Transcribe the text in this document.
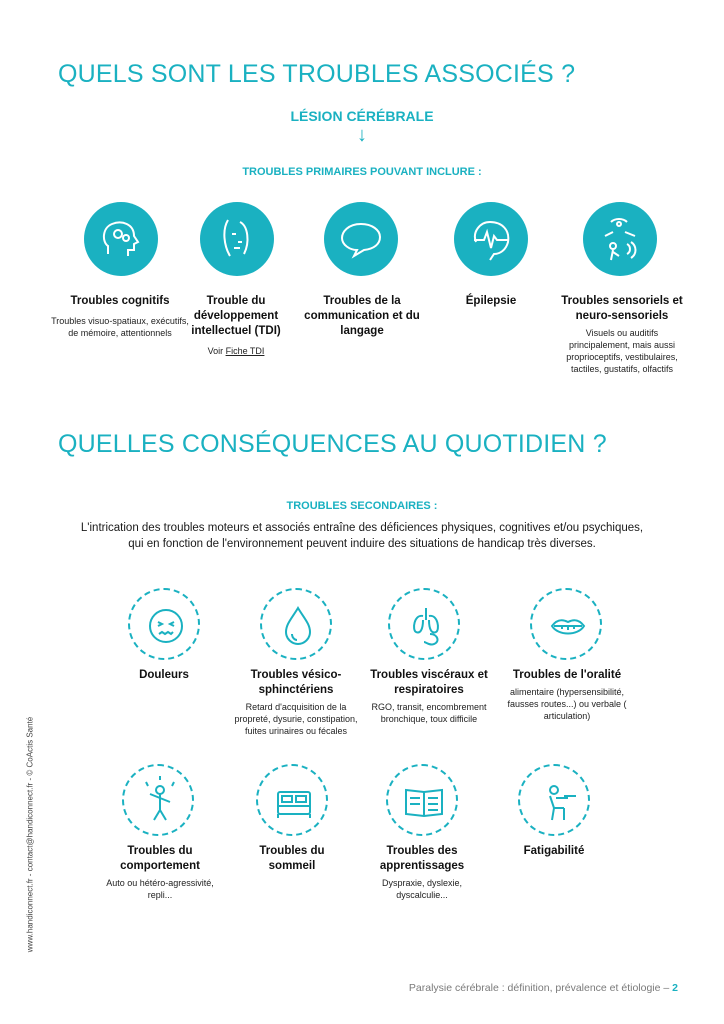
QUELS SONT LES TROUBLES ASSOCIÉS ?
LÉSION CÉRÉBRALE
↓
TROUBLES PRIMAIRES POUVANT INCLURE :
Troubles cognitifs
Troubles visuo-spatiaux, exécutifs, de mémoire, attentionnels
Trouble du développement intellectuel (TDI)
Voir Fiche TDI
Troubles de la communication et du langage
Épilepsie	Troubles sensoriels et neuro-sensoriels
Visuels ou auditifs principalement, mais aussi proprioceptifs, vestibulaires, tactiles, gustatifs, olfactifs
QUELLES CONSÉQUENCES AU QUOTIDIEN ?
TROUBLES SECONDAIRES :
L'intrication des troubles moteurs et associés entraîne des déficiences physiques, cognitives et/ou psychiques,
qui en fonction de l'environnement peuvent induire des situations de handicap très diverses.
Douleurs	Troubles vésico-sphinctériens
Retard d'acquisition de la propreté, dysurie, constipation, fuites urinaires ou fécales
Troubles viscéraux et respiratoires
RGO, transit, encombrement bronchique, toux difficile
Troubles de l'oralité
alimentaire (hypersensibilité, fausses routes...) ou verbale ( articulation)
Troubles du comportement
Auto ou hétéro-agressivité, repli...
Troubles du sommeil
Troubles des apprentissages
Dyspraxie, dyslexie, dyscalculie...
Fatigabilité
www.handiconnect.fr - contact@handiconnect.fr - © CoActis Santé
Paralysie cérébrale : définition, prévalence et étiologie – 2
